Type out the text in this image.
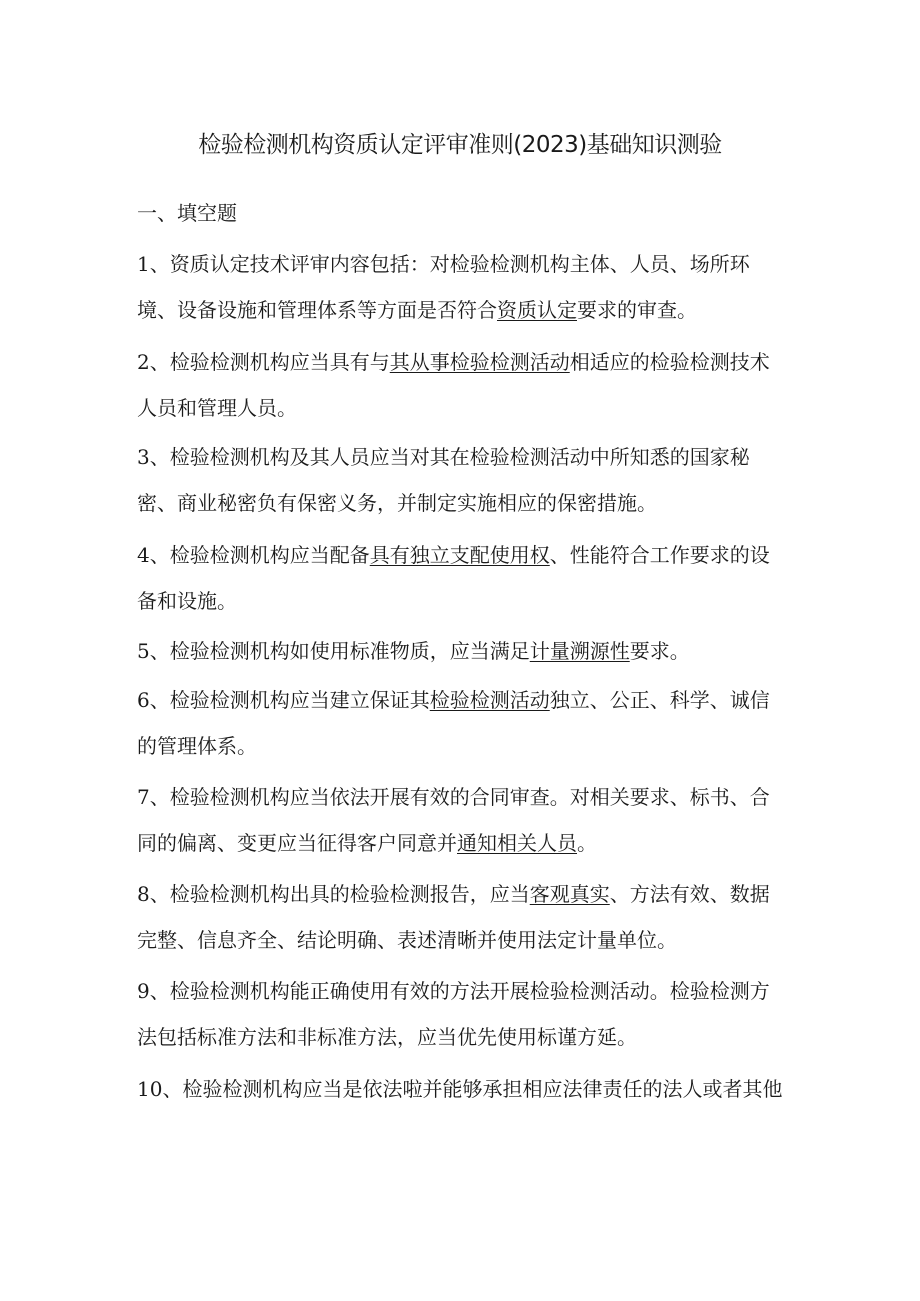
检验检测机构资质认定评审准则(2023)基础知识测验
一、填空题

1、资质认定技术评审内容包括：对检验检测机构主体、人员、场所环境、设备设施和管理体系等方面是否符合资质认定要求的审查。

2、检验检测机构应当具有与其从事检验检测活动相适应的检验检测技术人员和管理人员。

3、检验检测机构及其人员应当对其在检验检测活动中所知悉的国家秘密、商业秘密负有保密义务，并制定实施相应的保密措施。

4、检验检测机构应当配备具有独立支配使用权、性能符合工作要求的设备和设施。

5、检验检测机构如使用标准物质，应当满足计量溯源性要求。

6、检验检测机构应当建立保证其检验检测活动独立、公正、科学、诚信的管理体系。

7、检验检测机构应当依法开展有效的合同审查。对相关要求、标书、合同的偏离、变更应当征得客户同意并通知相关人员。

8、检验检测机构出具的检验检测报告，应当客观真实、方法有效、数据完整、信息齐全、结论明确、表述清晰并使用法定计量单位。

9、检验检测机构能正确使用有效的方法开展检验检测活动。检验检测方法包括标准方法和非标准方法，应当优先使用标谨方延。

10、检验检测机构应当是依法啦并能够承担相应法律责任的法人或者其他
